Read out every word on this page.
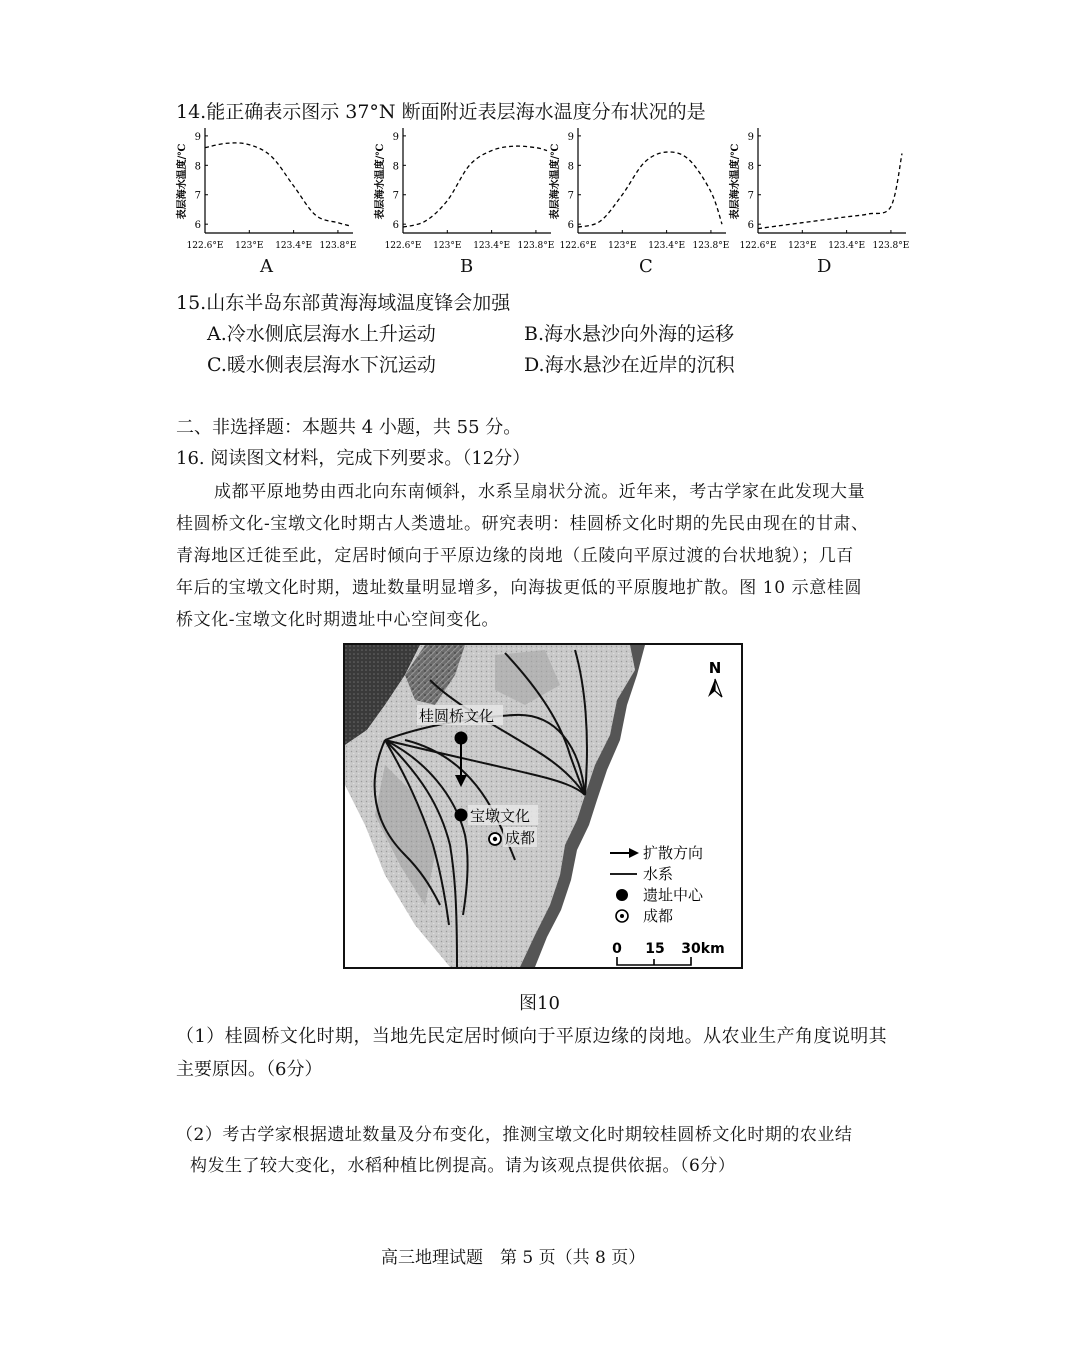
14.能正确表示图示 37°N 断面附近表层海水温度分布状况的是
表层海水温度/℃
9
8
7
6
122.6°E 123°E 123.4°E 123.8°E
表层海水温度/℃
9
8
7
6
122.6°E 123°E 123.4°E 123.8°E
表层海水温度/℃
9
8
7
6
122.6°E 123°E 123.4°E 123.8°E
表层海水温度/℃
9
8
7
6
122.6°E 123°E 123.4°E 123.8°E
A	B	C	D
15.山东半岛东部黄海海域温度锋会加强
A.冷水侧底层海水上升运动	B.海水悬沙向外海的运移
C.暖水侧表层海水下沉运动	D.海水悬沙在近岸的沉积
二、非选择题：本题共 4 小题，共 55 分。
16. 阅读图文材料，完成下列要求。（12分）
成都平原地势由西北向东南倾斜，水系呈扇状分流。近年来，考古学家在此发现大量
桂圆桥文化-宝墩文化时期古人类遗址。研究表明：桂圆桥文化时期的先民由现在的甘肃、
青海地区迁徙至此，定居时倾向于平原边缘的岗地（丘陵向平原过渡的台状地貌）；几百
年后的宝墩文化时期，遗址数量明显增多，向海拔更低的平原腹地扩散。图 10 示意桂圆
桥文化-宝墩文化时期遗址中心空间变化。
桂圆桥文化
宝墩文化
成都
N
扩散方向
水系
遗址中心
成都
0 15 30km
图10
（1）桂圆桥文化时期，当地先民定居时倾向于平原边缘的岗地。从农业生产角度说明其
主要原因。（6分）
（2）考古学家根据遗址数量及分布变化，推测宝墩文化时期较桂圆桥文化时期的农业结
构发生了较大变化，水稻种植比例提高。请为该观点提供依据。（6分）
高三地理试题　第 5 页（共 8 页）
